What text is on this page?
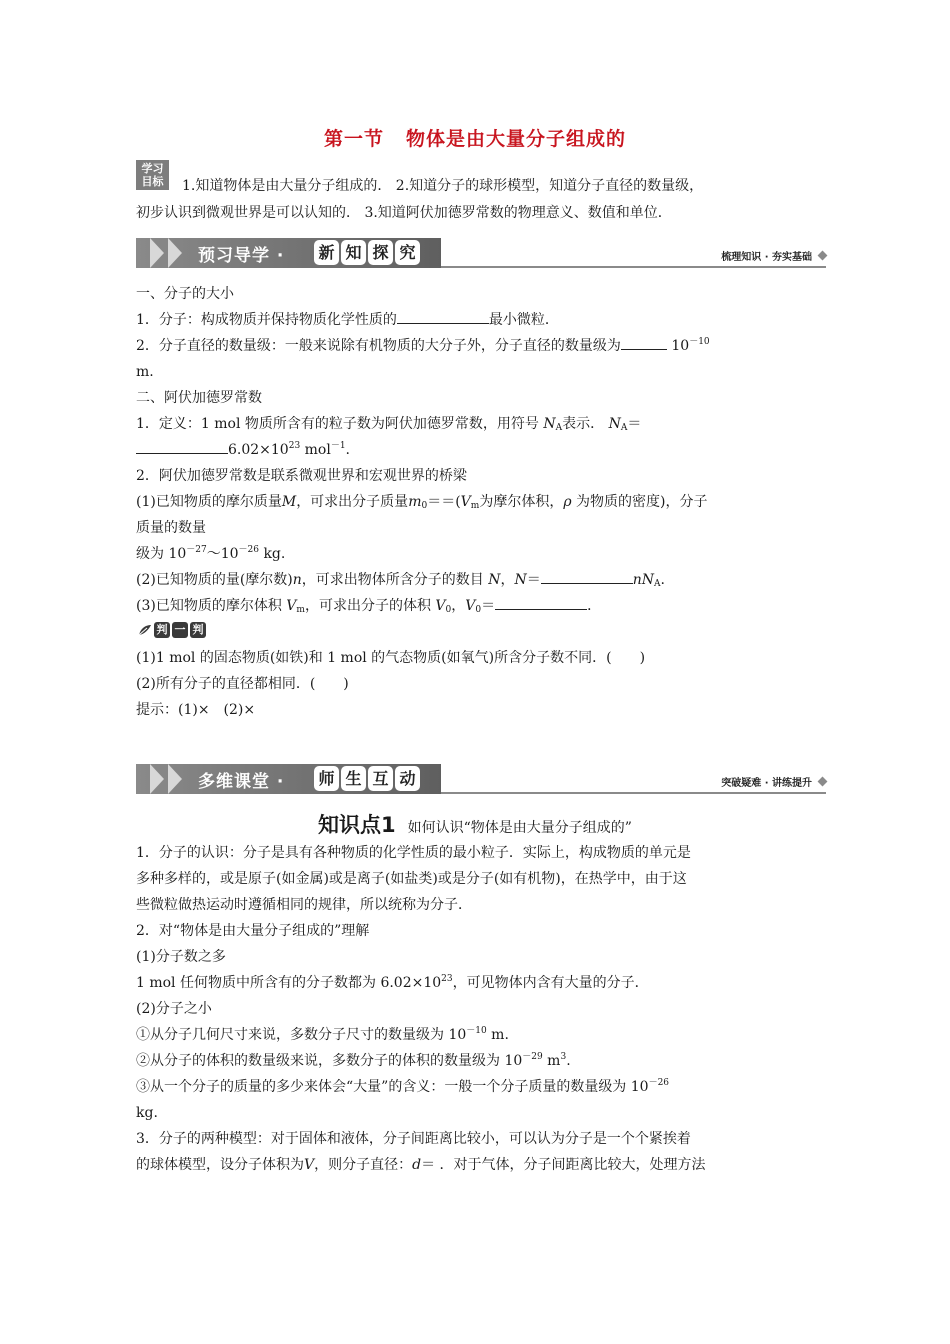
第一节 物体是由大量分子组成的
学习
目标	1.知道物体是由大量分子组成的． 2.知道分子的球形模型，知道分子直径的数量级，
初步认识到微观世界是可以认知的． 3.知道阿伏加德罗常数的物理意义、数值和单位．
预习导学 · 新 知 探 究	梳理知识 · 夯实基础

一、分子的大小

1．分子：构成物质并保持物质化学性质的	最小微粒．

2．分子直径的数量级：一般来说除有机物质的大分子外，分子直径的数量级为	$10^{-10}$

m.

二、阿伏加德罗常数

1．定义：1 mol 物质所含有的粒子数为阿伏加德罗常数，用符号 $N_A$表示． $N_A=$

$6.02\times 10^{23}$ mol$^{-1}$.

2．阿伏加德罗常数是联系微观世界和宏观世界的桥梁

(1)已知物质的摩尔质量M，可求出分子质量$m_0==(V_m$为摩尔体积，ρ 为物质的密度)，分子

质量的数量

级为 $10^{-27}\sim 10^{-26}$ kg.

(2)已知物质的量(摩尔数)n，可求出物体所含分子的数目 N，N＝	$nN_A$.

(3)已知物质的摩尔体积 $V_m$，可求出分子的体积 $V_0$，$V_0=$	．

判 一 判

(1)1 mol 的固态物质(如铁)和 1 mol 的气态物质(如氧气)所含分子数不同．(　　)

(2)所有分子的直径都相同．(　　)

提示：(1)×　(2)×

多维课堂 · 师 生 互 动	突破疑难 · 讲练提升
知识点1 如何认识“物体是由大量分子组成的”

1．分子的认识：分子是具有各种物质的化学性质的最小粒子．实际上，构成物质的单元是

多种多样的，或是原子(如金属)或是离子(如盐类)或是分子(如有机物)，在热学中，由于这

些微粒做热运动时遵循相同的规律，所以统称为分子．

2．对“物体是由大量分子组成的”理解

(1)分子数之多

1 mol 任何物质中所含有的分子数都为 $6.02\times 10^{23}$，可见物体内含有大量的分子．

(2)分子之小

①从分子几何尺寸来说，多数分子尺寸的数量级为 $10^{-10}$ m.

②从分子的体积的数量级来说，多数分子的体积的数量级为 $10^{-29}$ $m^3$.

③从一个分子的质量的多少来体会“大量”的含义：一般一个分子质量的数量级为 $10^{-26}$

kg.

3．分子的两种模型：对于固体和液体，分子间距离比较小，可以认为分子是一个个紧挨着

的球体模型，设分子体积为V，则分子直径：d＝ ．对于气体，分子间距离比较大，处理方法
